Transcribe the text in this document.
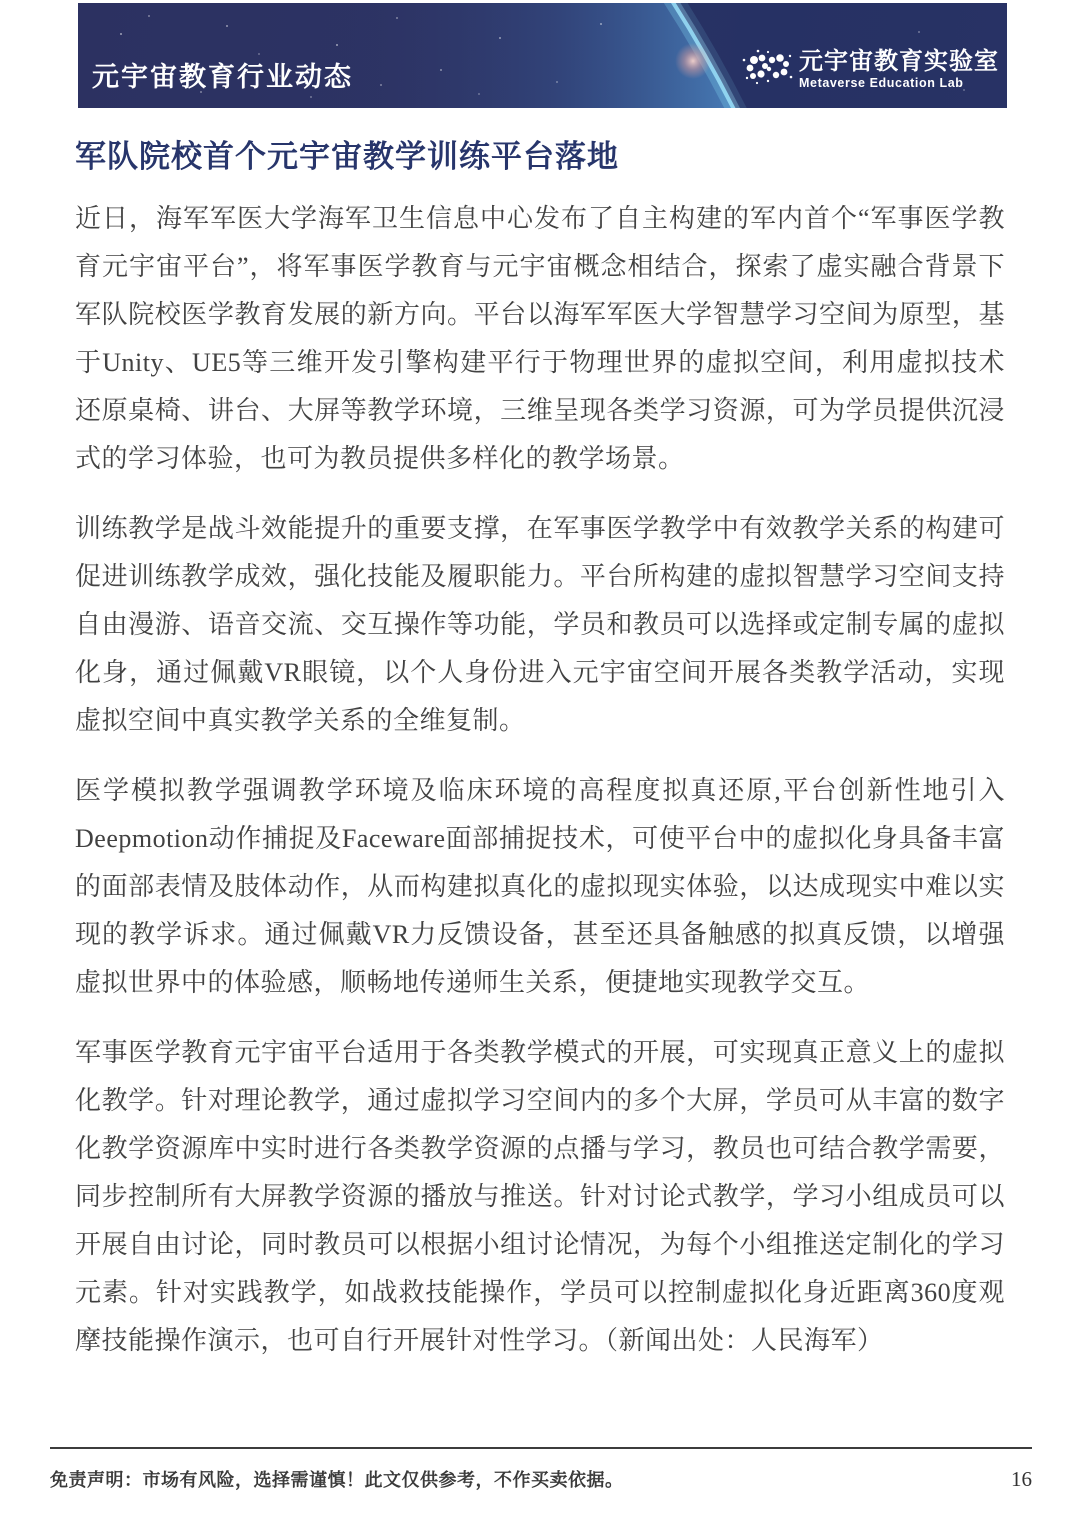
元宇宙教育行业动态
元宇宙教育实验室
Metaverse Education Lab
军队院校首个元宇宙教学训练平台落地

近日，海军军医大学海军卫生信息中心发布了自主构建的军内首个“军事医学教育元宇宙平台”，将军事医学教育与元宇宙概念相结合，探索了虚实融合背景下军队院校医学教育发展的新方向。平台以海军军医大学智慧学习空间为原型，基于Unity、UE5等三维开发引擎构建平行于物理世界的虚拟空间，利用虚拟技术还原桌椅、讲台、大屏等教学环境，三维呈现各类学习资源，可为学员提供沉浸式的学习体验，也可为教员提供多样化的教学场景。

训练教学是战斗效能提升的重要支撑，在军事医学教学中有效教学关系的构建可促进训练教学成效，强化技能及履职能力。平台所构建的虚拟智慧学习空间支持自由漫游、语音交流、交互操作等功能，学员和教员可以选择或定制专属的虚拟化身，通过佩戴VR眼镜，以个人身份进入元宇宙空间开展各类教学活动，实现虚拟空间中真实教学关系的全维复制。

医学模拟教学强调教学环境及临床环境的高程度拟真还原,平台创新性地引入Deepmotion动作捕捉及Faceware面部捕捉技术，可使平台中的虚拟化身具备丰富的面部表情及肢体动作，从而构建拟真化的虚拟现实体验，以达成现实中难以实现的教学诉求。通过佩戴VR力反馈设备，甚至还具备触感的拟真反馈，以增强虚拟世界中的体验感，顺畅地传递师生关系，便捷地实现教学交互。

军事医学教育元宇宙平台适用于各类教学模式的开展，可实现真正意义上的虚拟化教学。针对理论教学，通过虚拟学习空间内的多个大屏，学员可从丰富的数字化教学资源库中实时进行各类教学资源的点播与学习，教员也可结合教学需要，同步控制所有大屏教学资源的播放与推送。针对讨论式教学，学习小组成员可以开展自由讨论，同时教员可以根据小组讨论情况，为每个小组推送定制化的学习元素。针对实践教学，如战救技能操作，学员可以控制虚拟化身近距离360度观摩技能操作演示，也可自行开展针对性学习。（新闻出处：人民海军）

免责声明：市场有风险，选择需谨慎！此文仅供参考，不作买卖依据。	16
